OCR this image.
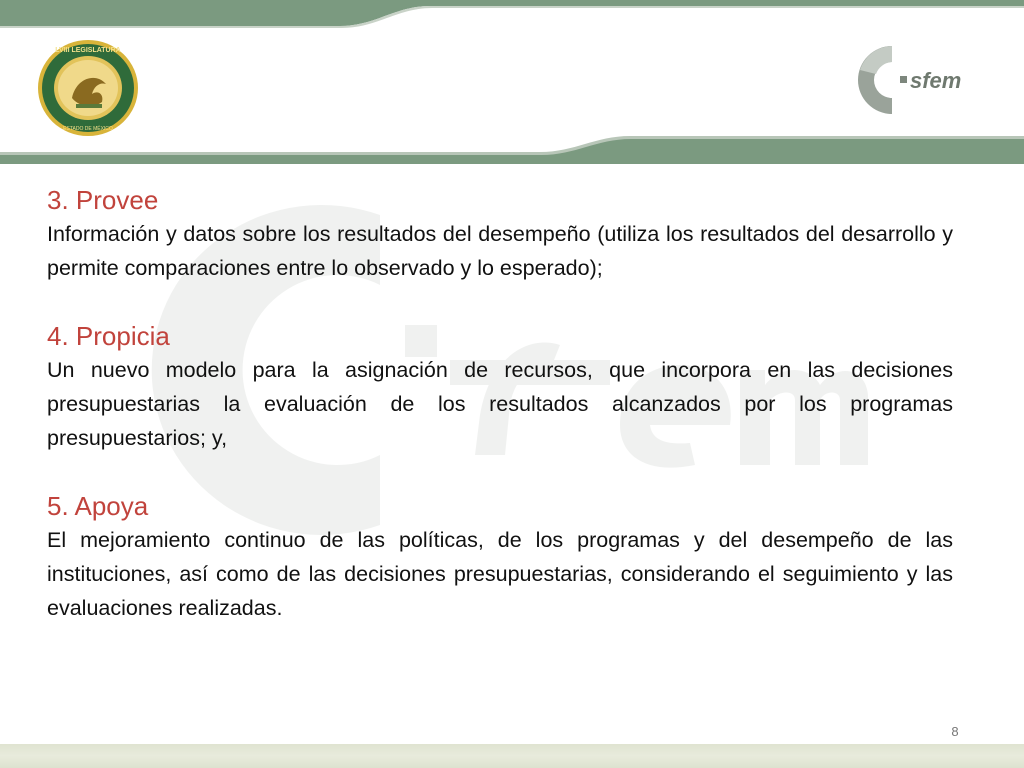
LVIII LEGISLATURA
ESTADO DE MÉXICO
sfem
3. Provee

Información y datos sobre los resultados del desempeño (utiliza los resultados del desarrollo y permite comparaciones entre lo observado y lo esperado);

4. Propicia

Un nuevo modelo para la asignación de recursos, que incorpora en las decisiones presupuestarias la evaluación de los resultados alcanzados por los programas presupuestarios; y,

5. Apoya

El mejoramiento continuo de las políticas, de los programas y del desempeño de las instituciones, así como de las decisiones presupuestarias, considerando el seguimiento y las evaluaciones realizadas.

8
